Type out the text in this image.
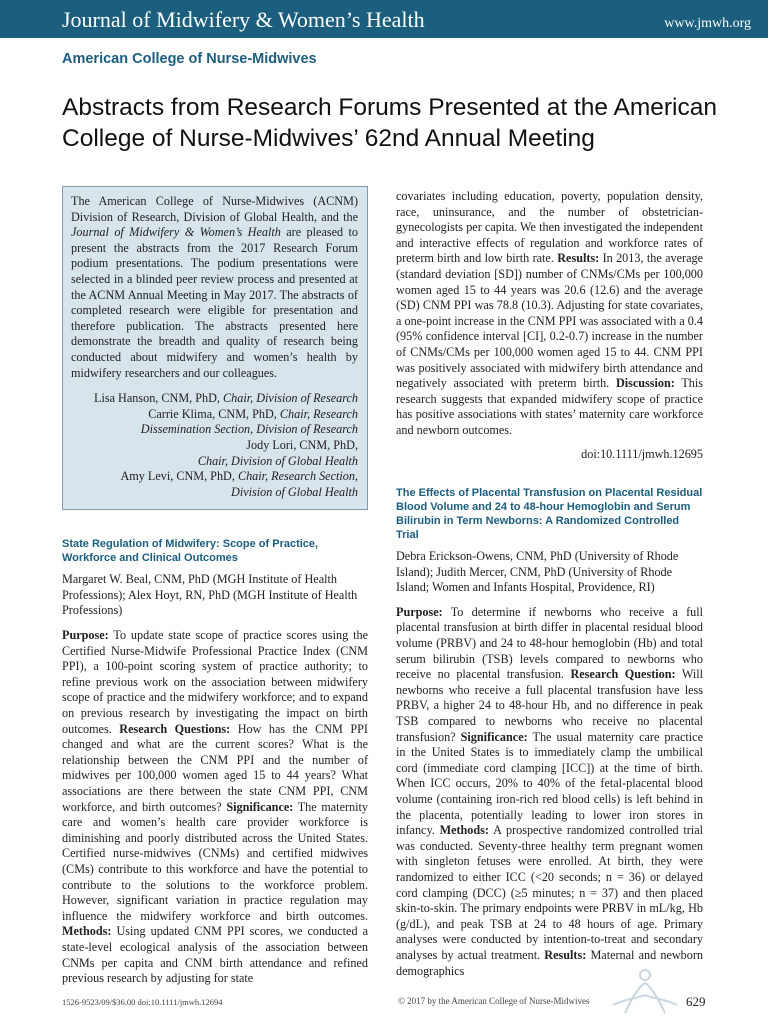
Journal of Midwifery & Women’s Health	www.jmwh.org
American College of Nurse-Midwives
Abstracts from Research Forums Presented at the American College of Nurse-Midwives’ 62nd Annual Meeting

The American College of Nurse-Midwives (ACNM) Division of Research, Division of Global Health, and the Journal of Midwifery & Women’s Health are pleased to present the abstracts from the 2017 Research Forum podium presentations. The podium presentations were selected in a blinded peer review process and presented at the ACNM Annual Meeting in May 2017. The abstracts of completed research were eligible for presentation and therefore publication. The abstracts presented here demonstrate the breadth and quality of research being conducted about midwifery and women’s health by midwifery researchers and our colleagues.

Lisa Hanson, CNM, PhD, Chair, Division of Research
Carrie Klima, CNM, PhD, Chair, Research
Dissemination Section, Division of Research
Jody Lori, CNM, PhD,
Chair, Division of Global Health
Amy Levi, CNM, PhD, Chair, Research Section,
Division of Global Health
State Regulation of Midwifery: Scope of Practice, Workforce and Clinical Outcomes

Margaret W. Beal, CNM, PhD (MGH Institute of Health Professions); Alex Hoyt, RN, PhD (MGH Institute of Health Professions)

Purpose: To update state scope of practice scores using the Certified Nurse-Midwife Professional Practice Index (CNM PPI), a 100-point scoring system of practice authority; to refine previous work on the association between midwifery scope of practice and the midwifery workforce; and to expand on previous research by investigating the impact on birth outcomes. Research Questions: How has the CNM PPI changed and what are the current scores? What is the relationship between the CNM PPI and the number of midwives per 100,000 women aged 15 to 44 years? What associations are there between the state CNM PPI, CNM workforce, and birth outcomes? Significance: The maternity care and women’s health care provider workforce is diminishing and poorly distributed across the United States. Certified nurse-midwives (CNMs) and certified midwives (CMs) contribute to this workforce and have the potential to contribute to the solutions to the workforce problem. However, significant variation in practice regulation may influence the midwifery workforce and birth outcomes. Methods: Using updated CNM PPI scores, we conducted a state-level ecological analysis of the association between CNMs per capita and CNM birth attendance and refined previous research by adjusting for state

covariates including education, poverty, population density, race, uninsurance, and the number of obstetrician-gynecologists per capita. We then investigated the independent and interactive effects of regulation and workforce rates of preterm birth and low birth rate. Results: In 2013, the average (standard deviation [SD]) number of CNMs/CMs per 100,000 women aged 15 to 44 years was 20.6 (12.6) and the average (SD) CNM PPI was 78.8 (10.3). Adjusting for state covariates, a one-point increase in the CNM PPI was associated with a 0.4 (95% confidence interval [CI], 0.2-0.7) increase in the number of CNMs/CMs per 100,000 women aged 15 to 44. CNM PPI was positively associated with midwifery birth attendance and negatively associated with preterm birth. Discussion: This research suggests that expanded midwifery scope of practice has positive associations with states’ maternity care workforce and newborn outcomes.

doi:10.1111/jmwh.12695
The Effects of Placental Transfusion on Placental Residual Blood Volume and 24 to 48-hour Hemoglobin and Serum Bilirubin in Term Newborns: A Randomized Controlled Trial

Debra Erickson-Owens, CNM, PhD (University of Rhode Island); Judith Mercer, CNM, PhD (University of Rhode Island; Women and Infants Hospital, Providence, RI)

Purpose: To determine if newborns who receive a full placental transfusion at birth differ in placental residual blood volume (PRBV) and 24 to 48-hour hemoglobin (Hb) and total serum bilirubin (TSB) levels compared to newborns who receive no placental transfusion. Research Question: Will newborns who receive a full placental transfusion have less PRBV, a higher 24 to 48-hour Hb, and no difference in peak TSB compared to newborns who receive no placental transfusion? Significance: The usual maternity care practice in the United States is to immediately clamp the umbilical cord (immediate cord clamping [ICC]) at the time of birth. When ICC occurs, 20% to 40% of the fetal-placental blood volume (containing iron-rich red blood cells) is left behind in the placenta, potentially leading to lower iron stores in infancy. Methods: A prospective randomized controlled trial was conducted. Seventy-three healthy term pregnant women with singleton fetuses were enrolled. At birth, they were randomized to either ICC (<20 seconds; n = 36) or delayed cord clamping (DCC) (≥5 minutes; n = 37) and then placed skin-to-skin. The primary endpoints were PRBV in mL/kg, Hb (g/dL), and peak TSB at 24 to 48 hours of age. Primary analyses were conducted by intention-to-treat and secondary analyses by actual treatment. Results: Maternal and newborn demographics

1526-9523/09/$36.00 doi:10.1111/jmwh.12694	© 2017 by the American College of Nurse-Midwives	629
